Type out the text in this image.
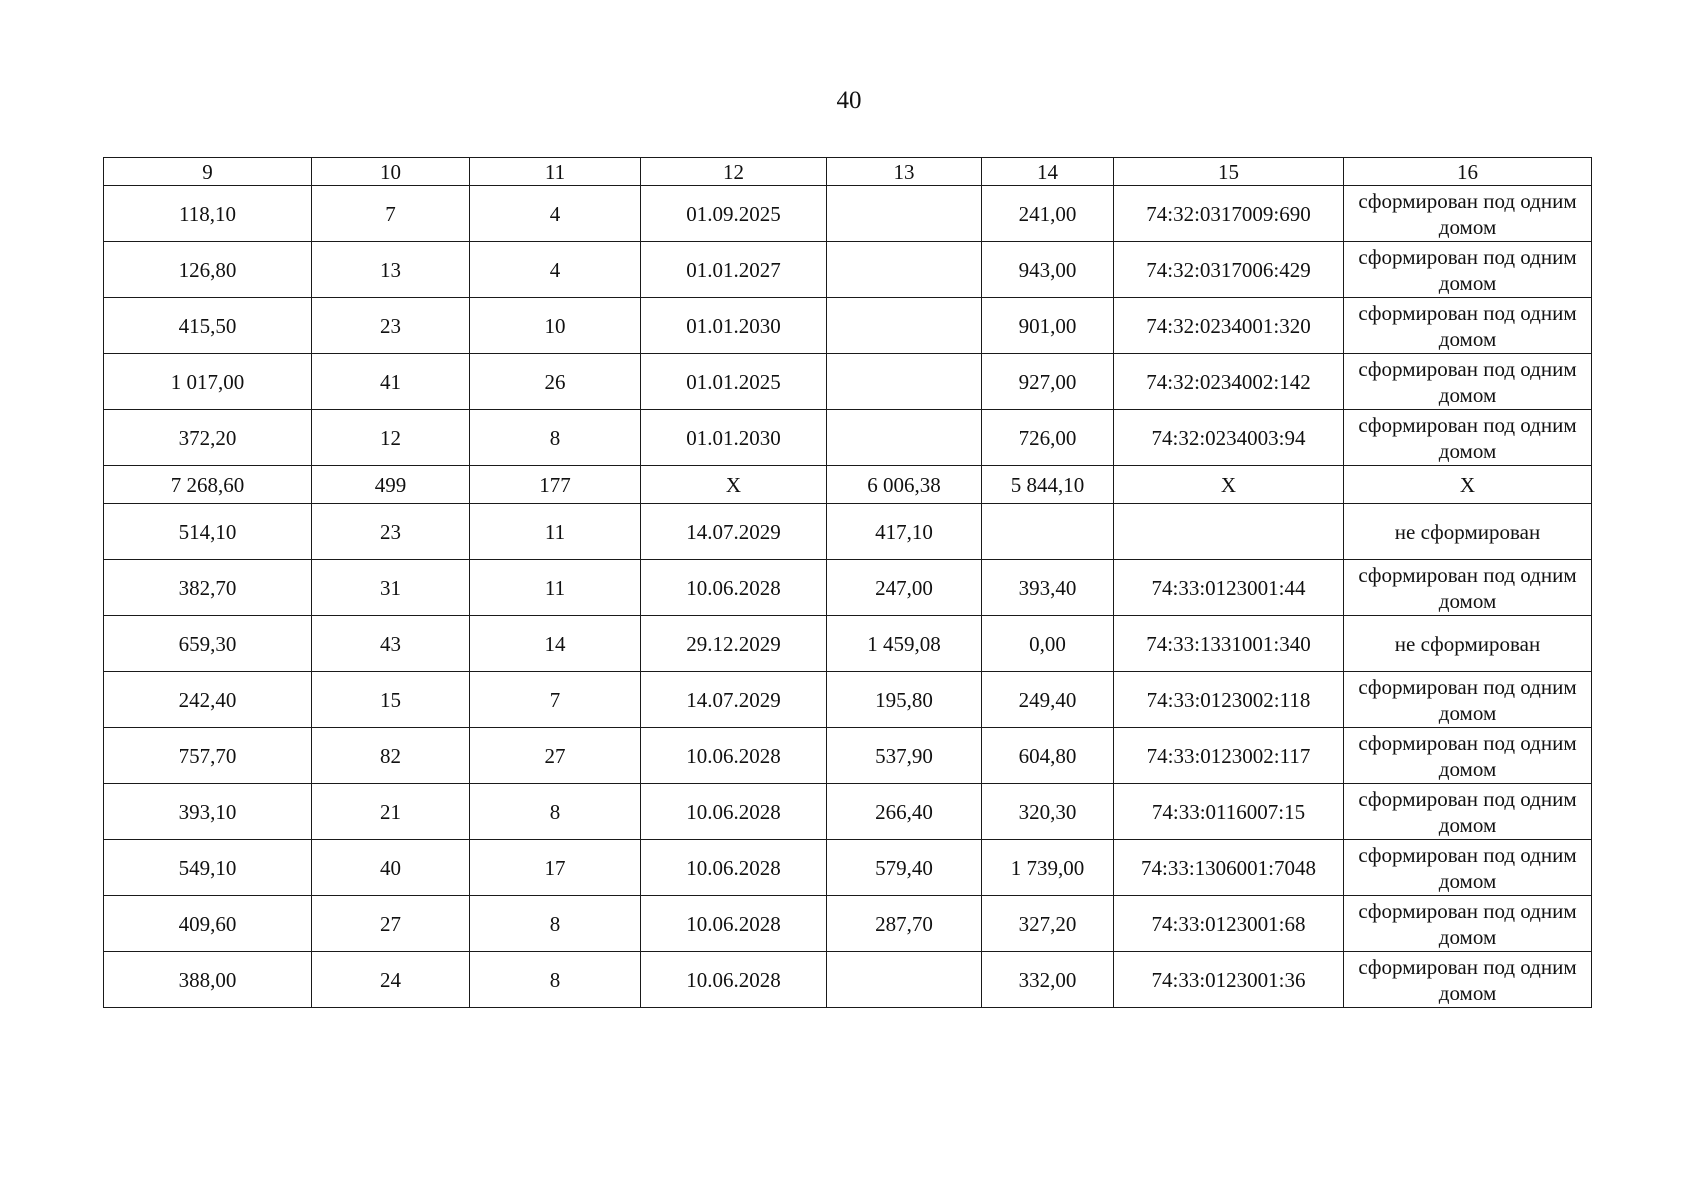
40
9	10	11	12	13	14	15	16
118,10	7	4	01.09.2025		241,00	74:32:0317009:690	сформирован под одним домом
126,80	13	4	01.01.2027		943,00	74:32:0317006:429	сформирован под одним домом
415,50	23	10	01.01.2030		901,00	74:32:0234001:320	сформирован под одним домом
1 017,00	41	26	01.01.2025		927,00	74:32:0234002:142	сформирован под одним домом
372,20	12	8	01.01.2030		726,00	74:32:0234003:94	сформирован под одним домом
7 268,60	499	177	X	6 006,38	5 844,10	X	X
514,10	23	11	14.07.2029	417,10			не сформирован
382,70	31	11	10.06.2028	247,00	393,40	74:33:0123001:44	сформирован под одним домом
659,30	43	14	29.12.2029	1 459,08	0,00	74:33:1331001:340	не сформирован
242,40	15	7	14.07.2029	195,80	249,40	74:33:0123002:118	сформирован под одним домом
757,70	82	27	10.06.2028	537,90	604,80	74:33:0123002:117	сформирован под одним домом
393,10	21	8	10.06.2028	266,40	320,30	74:33:0116007:15	сформирован под одним домом
549,10	40	17	10.06.2028	579,40	1 739,00	74:33:1306001:7048	сформирован под одним домом
409,60	27	8	10.06.2028	287,70	327,20	74:33:0123001:68	сформирован под одним домом
388,00	24	8	10.06.2028		332,00	74:33:0123001:36	сформирован под одним домом
